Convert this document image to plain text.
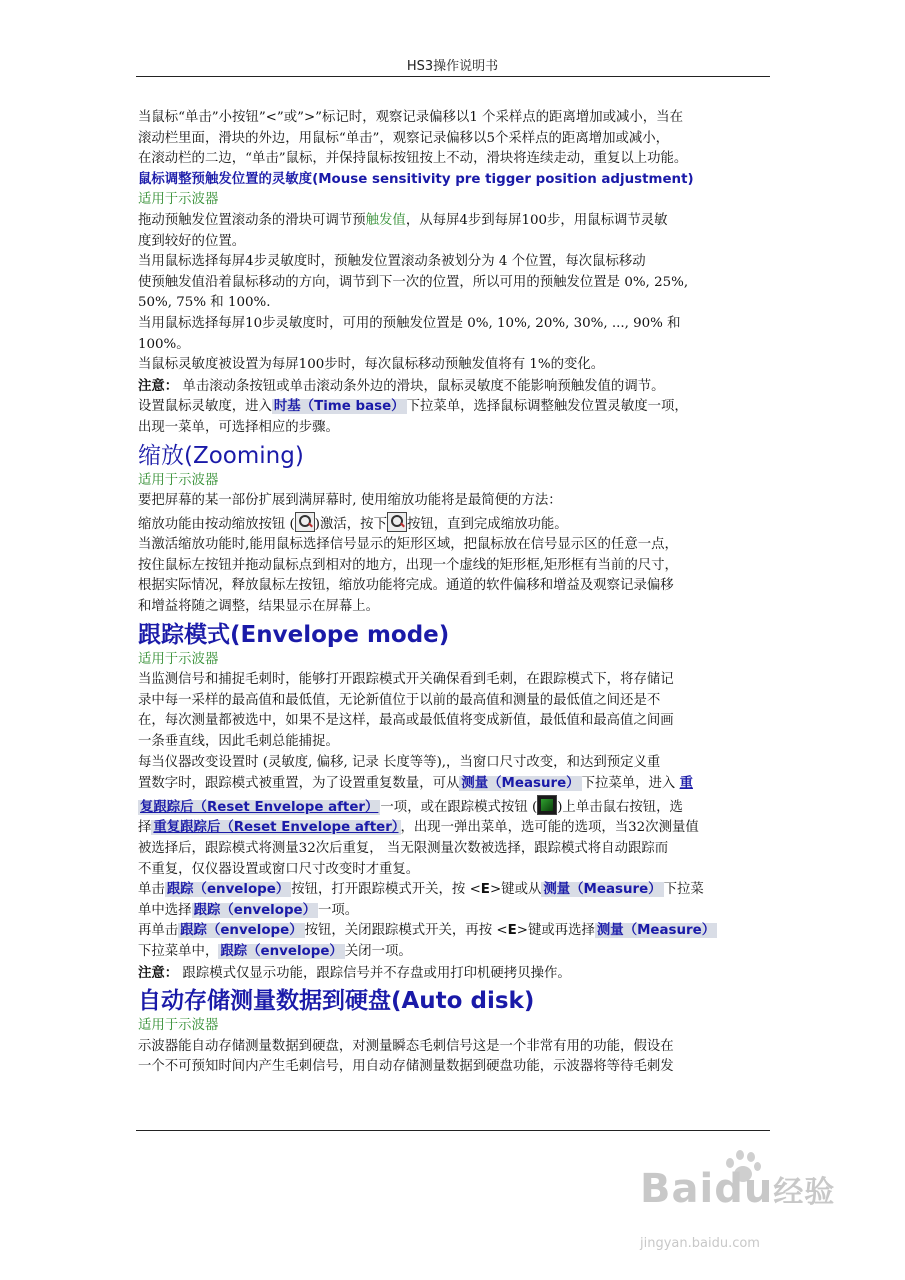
HS3操作说明书

当鼠标“单击”小按钮”<”或”>”标记时，观察记录偏移以1 个采样点的距离增加或减小，当在

滚动栏里面，滑块的外边，用鼠标“单击”，观察记录偏移以5个采样点的距离增加或减小，

在滚动栏的二边，“单击”鼠标，并保持鼠标按钮按上不动，滑块将连续走动，重复以上功能。

鼠标调整预触发位置的灵敏度(Mouse sensitivity pre tigger position adjustment)

适用于示波器

拖动预触发位置滚动条的滑块可调节预触发值，从每屏4步到每屏100步，用鼠标调节灵敏

度到较好的位置。

当用鼠标选择每屏4步灵敏度时，预触发位置滚动条被划分为 4 个位置，每次鼠标移动

使预触发值沿着鼠标移动的方向，调节到下一次的位置，所以可用的预触发位置是 0%, 25%,

50%, 75% 和 100%.

当用鼠标选择每屏10步灵敏度时，可用的预触发位置是 0%, 10%, 20%, 30%, ..., 90% 和

100%。

当鼠标灵敏度被设置为每屏100步时，每次鼠标移动预触发值将有 1%的变化。

注意： 单击滚动条按钮或单击滚动条外边的滑块，鼠标灵敏度不能影响预触发值的调节。

设置鼠标灵敏度，进入 时基（Time base） 下拉菜单，选择鼠标调整触发位置灵敏度一项，

出现一菜单，可选择相应的步骤。

缩放(Zooming)

适用于示波器

要把屏幕的某一部份扩展到满屏幕时, 使用缩放功能将是最简便的方法：

缩放功能由按动缩放按钮 ( )激活，按下 按钮，直到完成缩放功能。

当激活缩放功能时,能用鼠标选择信号显示的矩形区域，把鼠标放在信号显示区的任意一点，

按住鼠标左按钮并拖动鼠标点到相对的地方，出现一个虚线的矩形框,矩形框有当前的尺寸，

根据实际情况，释放鼠标左按钮，缩放功能将完成。通道的软件偏移和增益及观察记录偏移

和增益将随之调整，结果显示在屏幕上。

跟踪模式(Envelope mode)

适用于示波器

当监测信号和捕捉毛刺时，能够打开跟踪模式开关确保看到毛刺，在跟踪模式下，将存储记

录中每一采样的最高值和最低值，无论新值位于以前的最高值和测量的最低值之间还是不

在，每次测量都被选中，如果不是这样，最高或最低值将变成新值，最低值和最高值之间画

一条垂直线，因此毛刺总能捕捉。

每当仪器改变设置时 (灵敏度, 偏移, 记录 长度等等),，当窗口尺寸改变，和达到预定义重

置数字时，跟踪模式被重置，为了设置重复数量，可从 测量（Measure） 下拉菜单，进入 重

复跟踪后（Reset Envelope after） 一项，或在跟踪模式按钮 ( )上单击鼠右按钮，选

择 重复跟踪后（Reset Envelope after） ，出现一弹出菜单，选可能的选项，当32次测量值

被选择后，跟踪模式将测量32次后重复， 当无限测量次数被选择，跟踪模式将自动跟踪而

不重复，仅仪器设置或窗口尺寸改变时才重复。

单击 跟踪（envelope） 按钮，打开跟踪模式开关，按 <E>键或从 测量（Measure） 下拉菜

单中选择 跟踪（envelope） 一项。

再单击 跟踪（envelope） 按钮，关闭跟踪模式开关，再按 <E>键或再选择 测量（Measure）

下拉菜单中， 跟踪（envelope） 关闭一项。

注意： 跟踪模式仅显示功能，跟踪信号并不存盘或用打印机硬拷贝操作。

自动存储测量数据到硬盘(Auto disk)

适用于示波器

示波器能自动存储测量数据到硬盘，对测量瞬态毛刺信号这是一个非常有用的功能，假设在

一个不可预知时间内产生毛刺信号，用自动存储测量数据到硬盘功能，示波器将等待毛刺发

Baidu经验
jingyan.baidu.com
